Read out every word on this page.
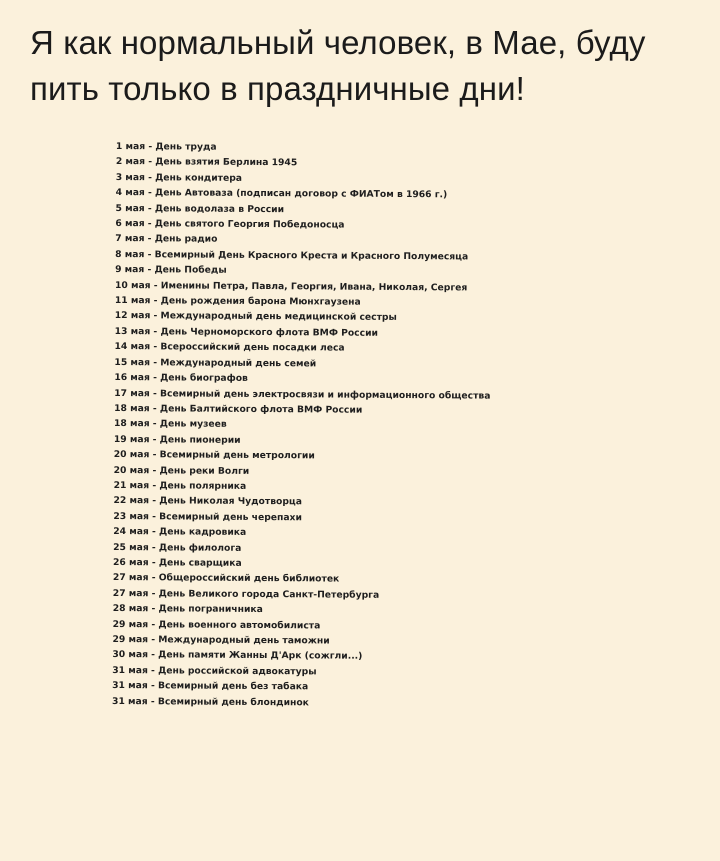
Я как нормальный человек, в Мае, буду пить только в праздничные дни!
1 мая - День труда
2 мая - День взятия Берлина 1945
3 мая - День кондитера
4 мая - День Автоваза (подписан договор с ФИАТом в 1966 г.)
5 мая - День водолаза в России
6 мая - День святого Георгия Победоносца
7 мая - День радио
8 мая - Всемирный День Красного Креста и Красного Полумесяца
9 мая - День Победы
10 мая - Именины Петра, Павла, Георгия, Ивана, Николая, Сергея
11 мая - День рождения барона Мюнхгаузена
12 мая - Международный день медицинской сестры
13 мая - День Черноморского флота ВМФ России
14 мая - Всероссийский день посадки леса
15 мая - Международный день семей
16 мая - День биографов
17 мая - Всемирный день электросвязи и информационного общества
18 мая - День Балтийского флота ВМФ России
18 мая - День музеев
19 мая - День пионерии
20 мая - Всемирный день метрологии
20 мая - День реки Волги
21 мая - День полярника
22 мая - День Николая Чудотворца
23 мая - Всемирный день черепахи
24 мая - День кадровика
25 мая - День филолога
26 мая - День сварщика
27 мая - Общероссийский день библиотек
27 мая - День Великого города Санкт-Петербурга
28 мая - День пограничника
29 мая - День военного автомобилиста
29 мая - Международный день таможни
30 мая - День памяти Жанны Д'Арк (сожгли...)
31 мая - День российской адвокатуры
31 мая - Всемирный день без табака
31 мая - Всемирный день блондинок
